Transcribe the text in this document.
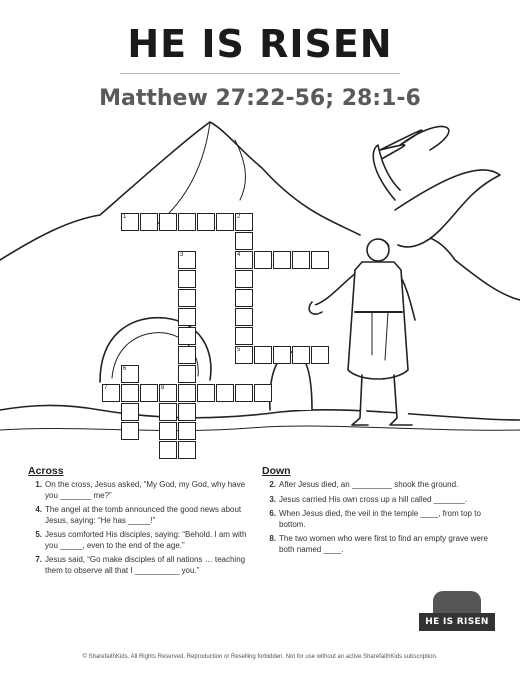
HE IS RISEN
Matthew 27:22-56; 28:1-6
1	2
3	4
5
7	8
6
Across
1. On the cross, Jesus asked, “My God, my God, why have you _______ me?”
4. The angel at the tomb announced the good news about Jesus, saying: “He has _____!”
5. Jesus comforted His disciples, saying: “Behold. I am with you _____, even to the end of the age.”
7. Jesus said, “Go make disciples of all nations … teaching them to observe all that I __________ you.”
Down
2. After Jesus died, an _________ shook the ground.
3. Jesus carried His own cross up a hill called _______.
6. When Jesus died, the veil in the temple ____, from top to bottom.
8. The two women who were first to find an empty grave were both named ____.
HE IS RISEN
© SharefaithKids. All Rights Reserved. Reproduction or Reselling forbidden. Not for use without an active SharefaithKids subscription.
